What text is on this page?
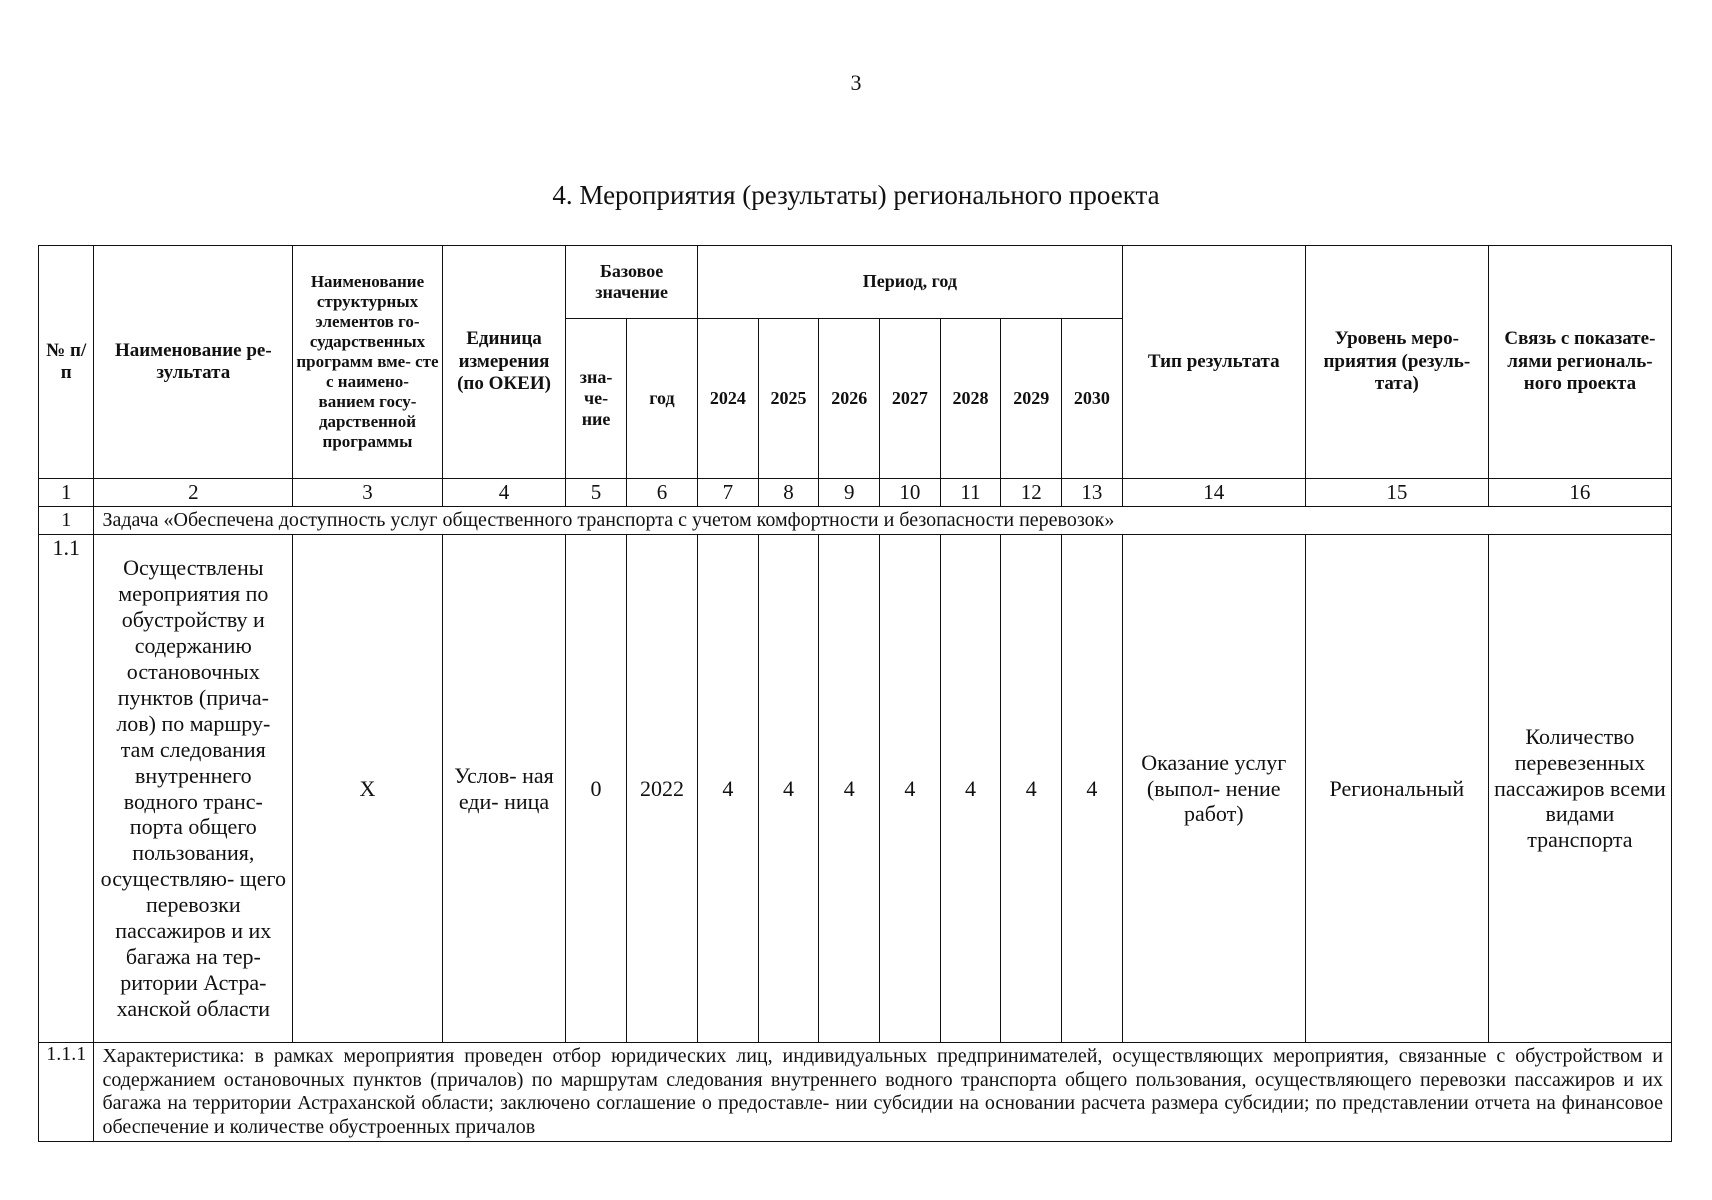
3
4. Мероприятия (результаты) регионального проекта
№ п/п	Наименование ре- зультата	Наименование структурных элементов го- сударственных программ вме- сте с наимено- ванием госу- дарственной программы	Единица измерения (по ОКЕИ)	Базовое значение		Период, год							Тип результата	Уровень меро- приятия (резуль- тата)	Связь с показате- лями региональ- ного проекта
				зна- че- ние	год	2024	2025	2026	2027	2028	2029	2030			
1	2	3	4	5	6	7	8	9	10	11	12	13	14	15	16
1	Задача «Обеспечена доступность услуг общественного транспорта с учетом комфортности и безопасности перевозок»														
1.1	Осуществлены мероприятия по обустройству и содержанию остановочных пунктов (прича- лов) по маршру- там следования внутреннего водного транс- порта общего пользования, осуществляю- щего перевозки пассажиров и их багажа на тер- ритории Астра- ханской области	X	Услов- ная еди- ница	0	2022	4	4	4	4	4	4	4	Оказание услуг (выпол- нение работ)	Региональный	Количество перевезенных пассажиров всеми видами транспорта
1.1.1	Характеристика: в рамках мероприятия проведен отбор юридических лиц, индивидуальных предпринимателей, осуществляющих мероприятия, связанные с обустройством и содержанием остановочных пунктов (причалов) по маршрутам следования внутреннего водного транспорта общего пользования, осуществляющего перевозки пассажиров и их багажа на территории Астраханской области; заключено соглашение о предоставле- нии субсидии на основании расчета размера субсидии; по представлении отчета на финансовое обеспечение и количестве обустроенных причалов														
